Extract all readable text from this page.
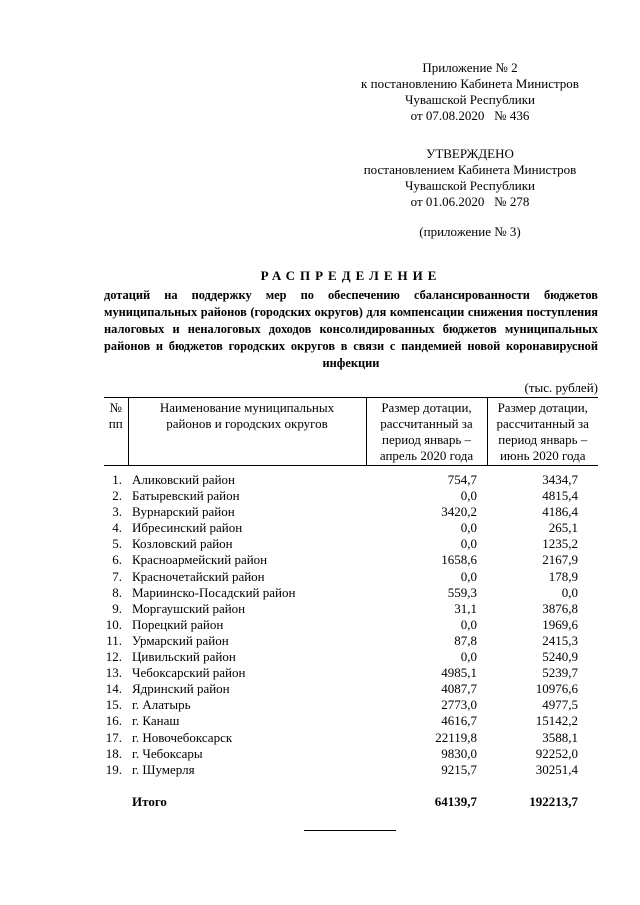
Приложение № 2
к постановлению Кабинета Министров
Чувашской Республики
от 07.08.2020   № 436
УТВЕРЖДЕНО
постановлением Кабинета Министров
Чувашской Республики
от 01.06.2020   № 278
(приложение № 3)
РАСПРЕДЕЛЕНИЕ
дотаций на поддержку мер по обеспечению сбалансированности бюджетов муниципальных районов (городских округов) для компенсации снижения поступления налоговых и неналоговых доходов консолидированных бюджетов муниципальных районов и бюджетов городских округов в связи с пандемией новой коронавирусной инфекции
(тыс. рублей)
№ пп	Наименование муниципальных районов и городских округов	Размер дотации, рассчитанный за период январь – апрель 2020 года	Размер дотации, рассчитанный за период январь – июнь 2020 года
1.	Аликовский район	754,7	3434,7
2.	Батыревский район	0,0	4815,4
3.	Вурнарский район	3420,2	4186,4
4.	Ибресинский район	0,0	265,1
5.	Козловский район	0,0	1235,2
6.	Красноармейский район	1658,6	2167,9
7.	Красночетайский район	0,0	178,9
8.	Мариинско-Посадский район	559,3	0,0
9.	Моргаушский район	31,1	3876,8
10.	Порецкий район	0,0	1969,6
11.	Урмарский район	87,8	2415,3
12.	Цивильский район	0,0	5240,9
13.	Чебоксарский район	4985,1	5239,7
14.	Ядринский район	4087,7	10976,6
15.	г. Алатырь	2773,0	4977,5
16.	г. Канаш	4616,7	15142,2
17.	г. Новочебоксарск	22119,8	3588,1
18.	г. Чебоксары	9830,0	92252,0
19.	г. Шумерля	9215,7	30251,4
	Итого	64139,7	192213,7
